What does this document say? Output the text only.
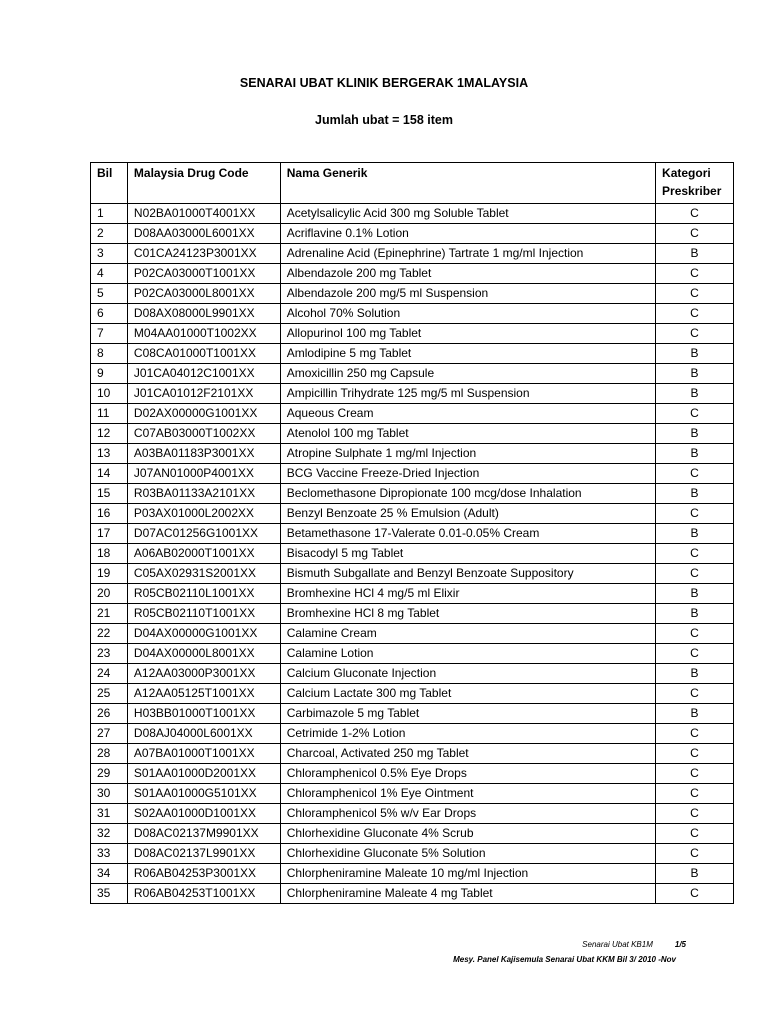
SENARAI UBAT KLINIK BERGERAK 1MALAYSIA
Jumlah ubat = 158 item
Bil	Malaysia Drug Code	Nama Generik	Kategori
Preskriber
1	N02BA01000T4001XX	Acetylsalicylic Acid 300 mg Soluble Tablet	C
2	D08AA03000L6001XX	Acriflavine 0.1% Lotion	C
3	C01CA24123P3001XX	Adrenaline Acid (Epinephrine) Tartrate 1 mg/ml Injection	B
4	P02CA03000T1001XX	Albendazole 200 mg Tablet	C
5	P02CA03000L8001XX	Albendazole 200 mg/5 ml Suspension	C
6	D08AX08000L9901XX	Alcohol 70% Solution	C
7	M04AA01000T1002XX	Allopurinol 100 mg Tablet	C
8	C08CA01000T1001XX	Amlodipine 5 mg Tablet	B
9	J01CA04012C1001XX	Amoxicillin 250 mg Capsule	B
10	J01CA01012F2101XX	Ampicillin Trihydrate 125 mg/5 ml Suspension	B
11	D02AX00000G1001XX	Aqueous Cream	C
12	C07AB03000T1002XX	Atenolol 100 mg Tablet	B
13	A03BA01183P3001XX	Atropine Sulphate 1 mg/ml Injection	B
14	J07AN01000P4001XX	BCG Vaccine Freeze-Dried Injection	C
15	R03BA01133A2101XX	Beclomethasone Dipropionate 100 mcg/dose Inhalation	B
16	P03AX01000L2002XX	Benzyl Benzoate 25 % Emulsion (Adult)	C
17	D07AC01256G1001XX	Betamethasone 17-Valerate 0.01-0.05% Cream	B
18	A06AB02000T1001XX	Bisacodyl 5 mg Tablet	C
19	C05AX02931S2001XX	Bismuth Subgallate and Benzyl Benzoate Suppository	C
20	R05CB02110L1001XX	Bromhexine HCl 4 mg/5 ml Elixir	B
21	R05CB02110T1001XX	Bromhexine HCl 8 mg Tablet	B
22	D04AX00000G1001XX	Calamine Cream	C
23	D04AX00000L8001XX	Calamine Lotion	C
24	A12AA03000P3001XX	Calcium Gluconate Injection	B
25	A12AA05125T1001XX	Calcium Lactate 300 mg Tablet	C
26	H03BB01000T1001XX	Carbimazole 5 mg Tablet	B
27	D08AJ04000L6001XX	Cetrimide 1-2% Lotion	C
28	A07BA01000T1001XX	Charcoal, Activated 250 mg Tablet	C
29	S01AA01000D2001XX	Chloramphenicol 0.5% Eye Drops	C
30	S01AA01000G5101XX	Chloramphenicol 1% Eye Ointment	C
31	S02AA01000D1001XX	Chloramphenicol 5% w/v Ear Drops	C
32	D08AC02137M9901XX	Chlorhexidine Gluconate 4% Scrub	C
33	D08AC02137L9901XX	Chlorhexidine Gluconate 5% Solution	C
34	R06AB04253P3001XX	Chlorpheniramine Maleate 10 mg/ml Injection	B
35	R06AB04253T1001XX	Chlorpheniramine Maleate 4 mg Tablet	C
Senarai Ubat KB1M	1/5
Mesy. Panel Kajisemula Senarai Ubat KKM Bil 3/ 2010 -Nov
